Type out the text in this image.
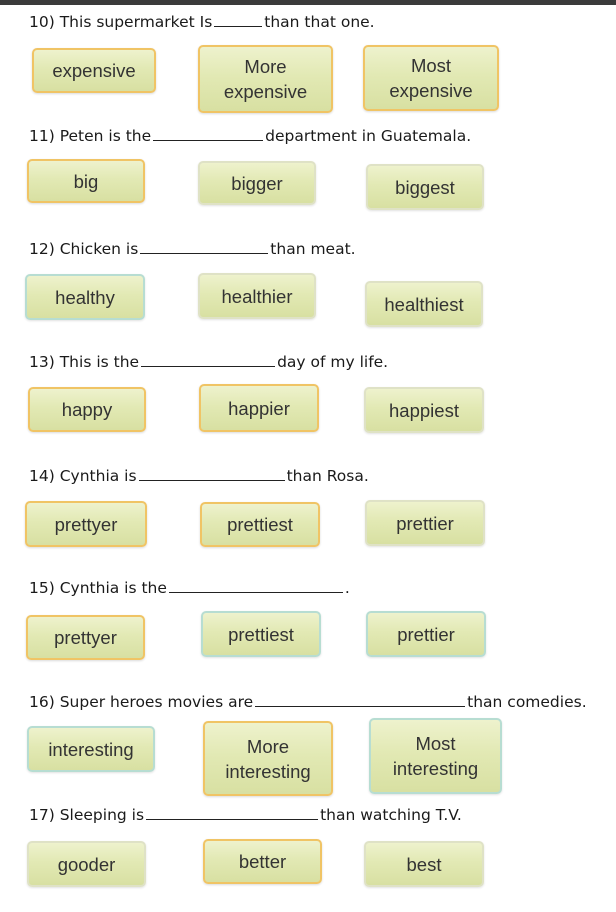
10) This supermarket Is	than that one.
expensive	More
expensive
Most
expensive
11) Peten is the	department in Guatemala.
big	bigger	biggest
12) Chicken is	than meat.
healthy	healthier	healthiest
13) This is the	day of my life.
happy	happier	happiest
14) Cynthia is	than Rosa.
prettyer	prettiest	prettier
15) Cynthia is the	.
prettyer	prettiest	prettier
16) Super heroes movies are	than comedies.
interesting	More
interesting
Most
interesting
17) Sleeping is	than watching T.V.
gooder	better	best
